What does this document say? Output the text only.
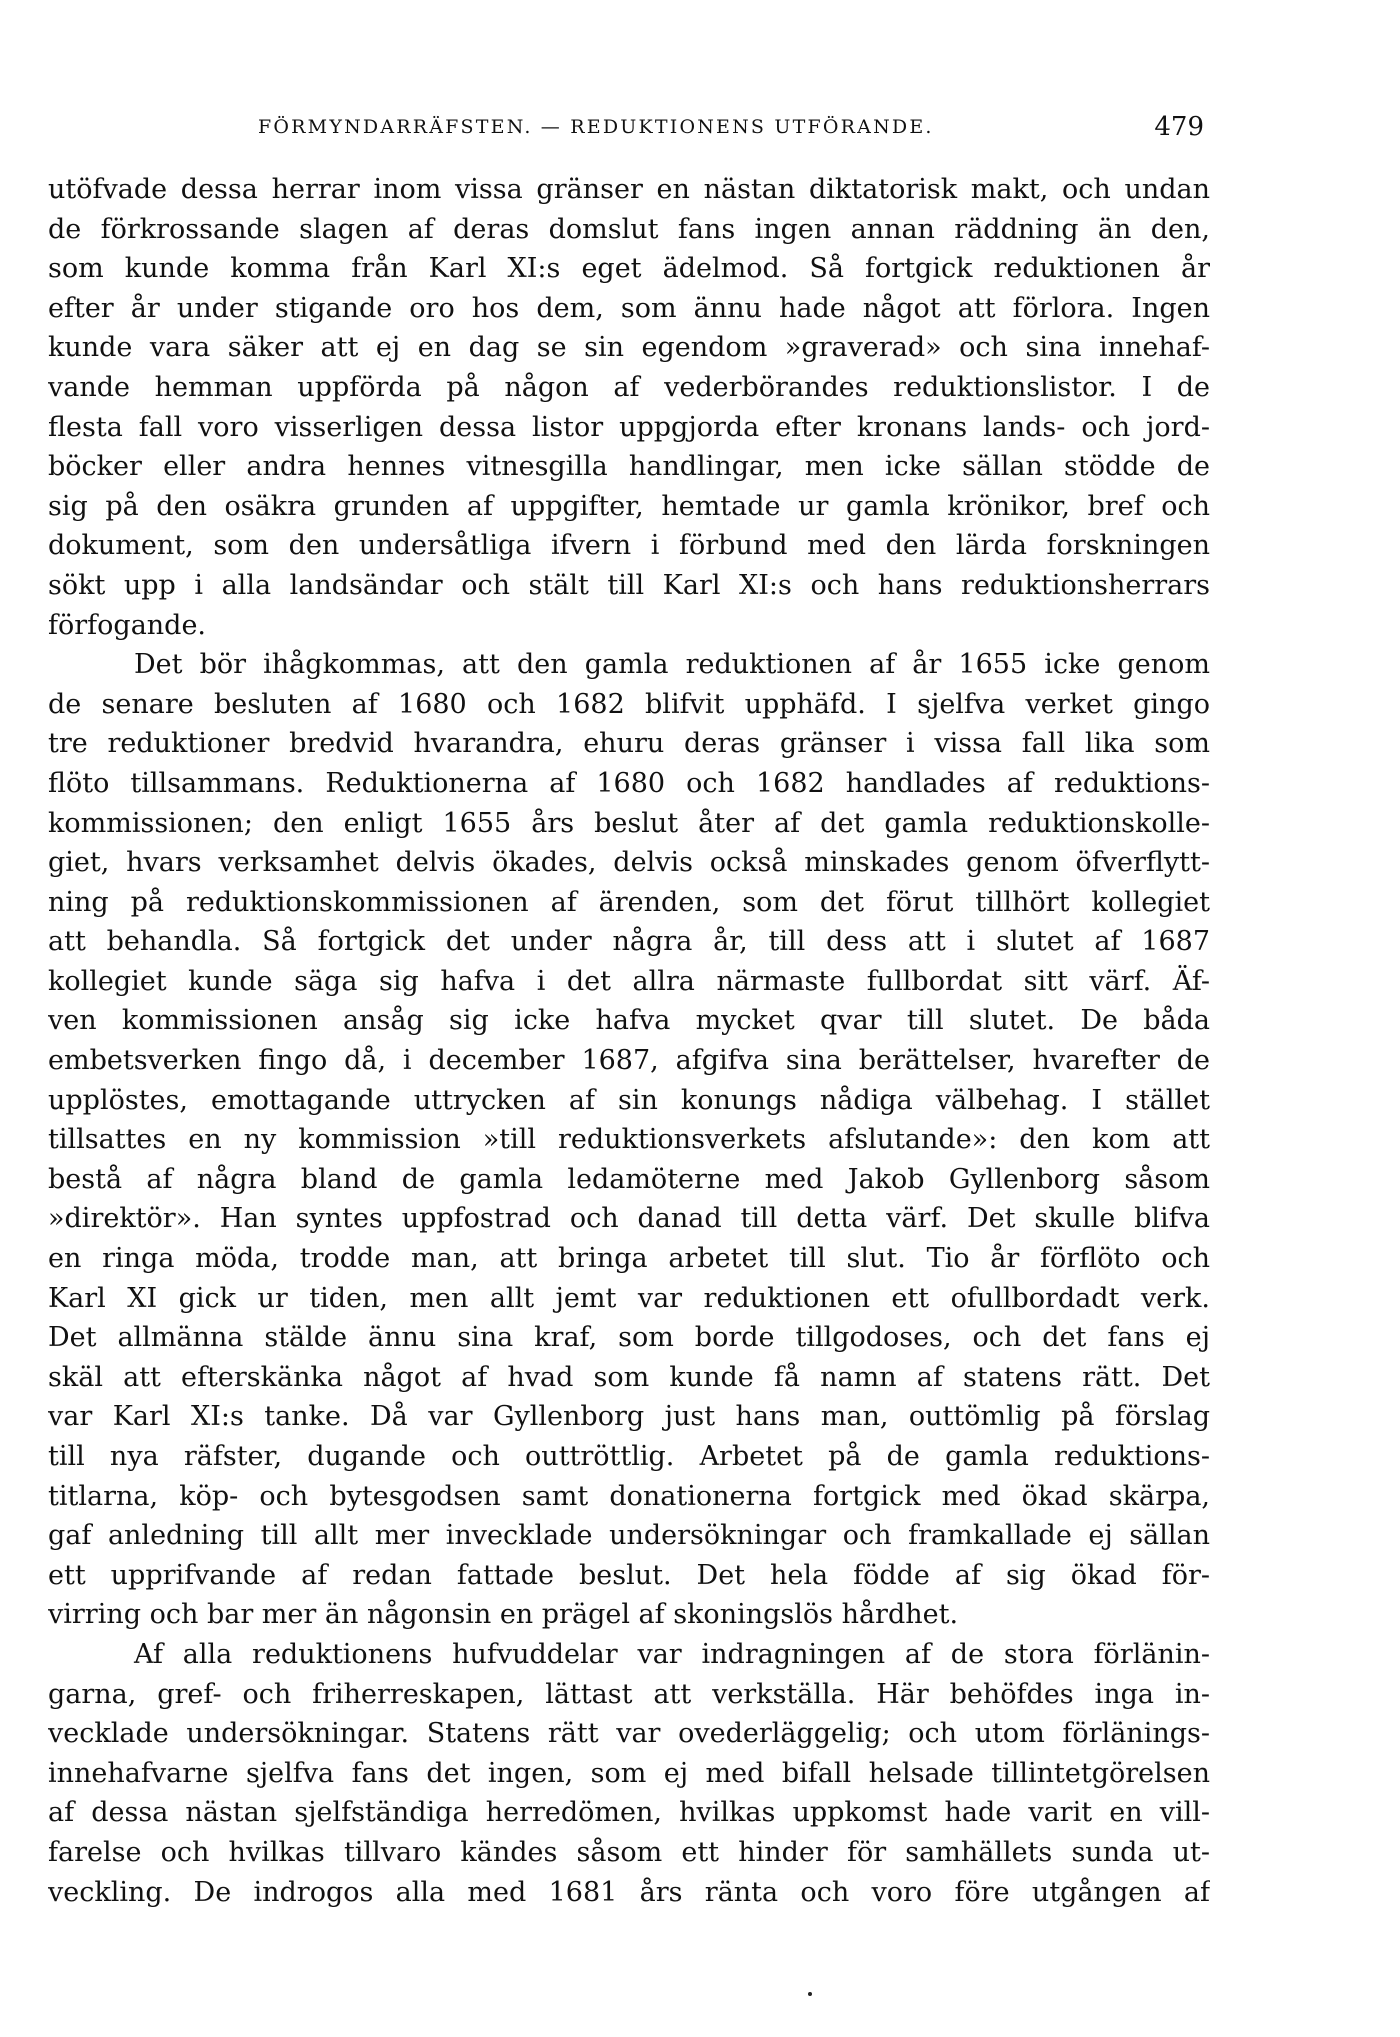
FÖRMYNDARRÄFSTEN. — REDUKTIONENS UTFÖRANDE.	479
utöfvade dessa herrar inom vissa gränser en nästan diktatorisk makt, och undan
de förkrossande slagen af deras domslut fans ingen annan räddning än den,
som kunde komma från Karl XI:s eget ädelmod. Så fortgick reduktionen år
efter år under stigande oro hos dem, som ännu hade något att förlora. Ingen
kunde vara säker att ej en dag se sin egendom »graverad» och sina innehaf-
vande hemman uppförda på någon af vederbörandes reduktionslistor. I de
flesta fall voro visserligen dessa listor uppgjorda efter kronans lands- och jord-
böcker eller andra hennes vitnesgilla handlingar, men icke sällan stödde de
sig på den osäkra grunden af uppgifter, hemtade ur gamla krönikor, bref och
dokument, som den undersåtliga ifvern i förbund med den lärda forskningen
sökt upp i alla landsändar och stält till Karl XI:s och hans reduktionsherrars
förfogande.
Det bör ihågkommas, att den gamla reduktionen af år 1655 icke genom
de senare besluten af 1680 och 1682 blifvit upphäfd. I sjelfva verket gingo
tre reduktioner bredvid hvarandra, ehuru deras gränser i vissa fall lika som
flöto tillsammans. Reduktionerna af 1680 och 1682 handlades af reduktions-
kommissionen; den enligt 1655 års beslut åter af det gamla reduktionskolle-
giet, hvars verksamhet delvis ökades, delvis också minskades genom öfverflytt-
ning på reduktionskommissionen af ärenden, som det förut tillhört kollegiet
att behandla. Så fortgick det under några år, till dess att i slutet af 1687
kollegiet kunde säga sig hafva i det allra närmaste fullbordat sitt värf. Äf-
ven kommissionen ansåg sig icke hafva mycket qvar till slutet. De båda
embetsverken fingo då, i december 1687, afgifva sina berättelser, hvarefter de
upplöstes, emottagande uttrycken af sin konungs nådiga välbehag. I stället
tillsattes en ny kommission »till reduktionsverkets afslutande»: den kom att
bestå af några bland de gamla ledamöterne med Jakob Gyllenborg såsom
»direktör». Han syntes uppfostrad och danad till detta värf. Det skulle blifva
en ringa möda, trodde man, att bringa arbetet till slut. Tio år förflöto och
Karl XI gick ur tiden, men allt jemt var reduktionen ett ofullbordadt verk.
Det allmänna stälde ännu sina kraf, som borde tillgodoses, och det fans ej
skäl att efterskänka något af hvad som kunde få namn af statens rätt. Det
var Karl XI:s tanke. Då var Gyllenborg just hans man, outtömlig på förslag
till nya räfster, dugande och outtröttlig. Arbetet på de gamla reduktions-
titlarna, köp- och bytesgodsen samt donationerna fortgick med ökad skärpa,
gaf anledning till allt mer invecklade undersökningar och framkallade ej sällan
ett upprifvande af redan fattade beslut. Det hela födde af sig ökad för-
virring och bar mer än någonsin en prägel af skoningslös hårdhet.
Af alla reduktionens hufvuddelar var indragningen af de stora förlänin-
garna, gref- och friherreskapen, lättast att verkställa. Här behöfdes inga in-
vecklade undersökningar. Statens rätt var ovederläggelig; och utom förlänings-
innehafvarne sjelfva fans det ingen, som ej med bifall helsade tillintetgörelsen
af dessa nästan sjelfständiga herredömen, hvilkas uppkomst hade varit en vill-
farelse och hvilkas tillvaro kändes såsom ett hinder för samhällets sunda ut-
veckling. De indrogos alla med 1681 års ränta och voro före utgången af
